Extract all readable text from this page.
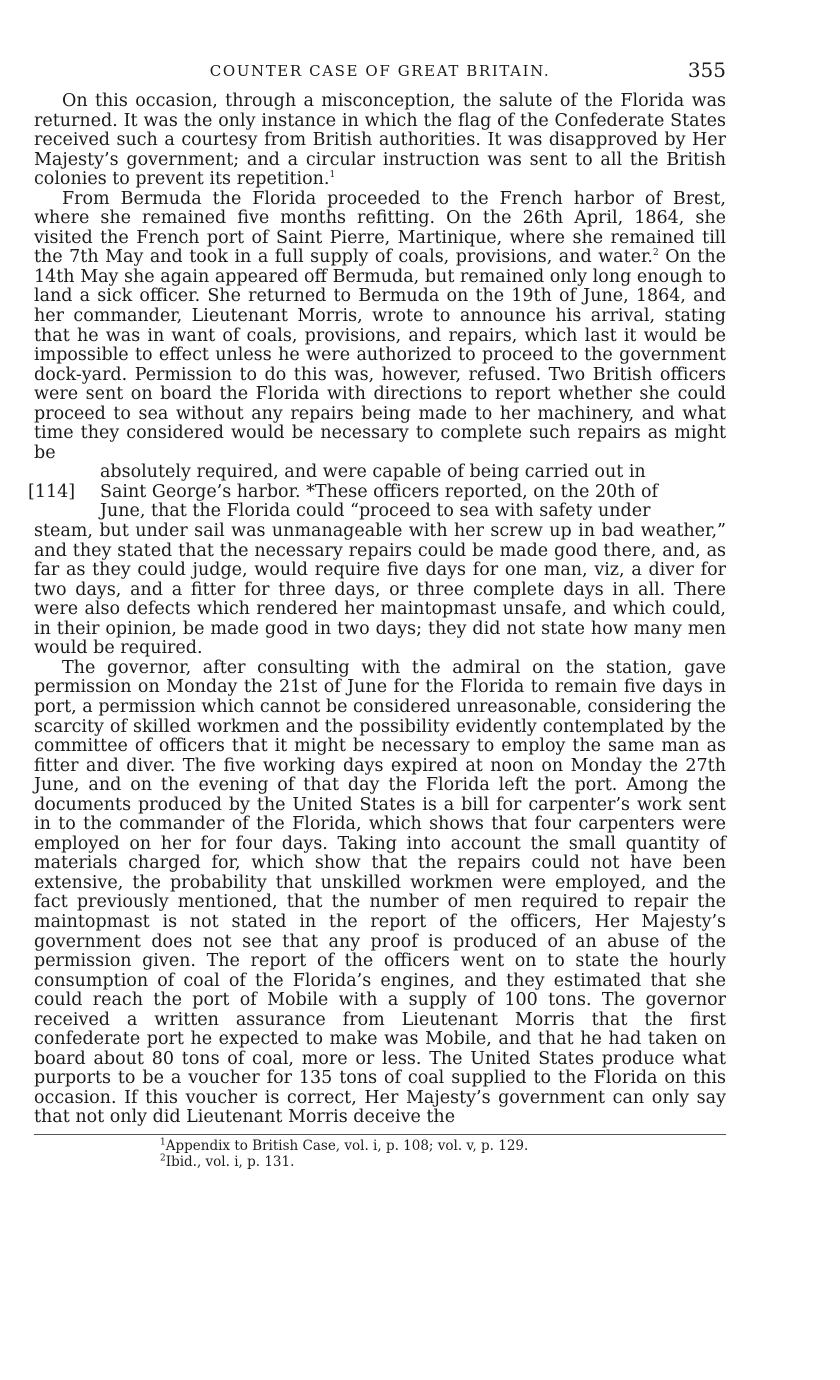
COUNTER CASE OF GREAT BRITAIN.	355

On this occasion, through a misconception, the salute of the Florida was returned. It was the only instance in which the flag of the Confederate States received such a courtesy from British authorities. It was disapproved by Her Majesty’s government; and a circular instruction was sent to all the British colonies to prevent its repetition.$^1$

From Bermuda the Florida proceeded to the French harbor of Brest, where she remained five months refitting. On the 26th April, 1864, she visited the French port of Saint Pierre, Martinique, where she remained till the 7th May and took in a full supply of coals, provisions, and water.$^2$ On the 14th May she again appeared off Bermuda, but remained only long enough to land a sick officer. She returned to Bermuda on the 19th of June, 1864, and her commander, Lieutenant Morris, wrote to announce his arrival, stating that he was in want of coals, provisions, and repairs, which last it would be impossible to effect unless he were authorized to proceed to the government dock-yard. Permission to do this was, however, refused. Two British officers were sent on board the Florida with directions to report whether she could proceed to sea without any repairs being made to her machinery, and what time they considered would be necessary to complete such repairs as might be

[114]

absolutely required, and were capable of being carried out in
Saint George’s harbor. *These officers reported, on the 20th of
June, that the Florida could “proceed to sea with safety under
steam, but under sail was unmanageable with her screw up in bad weather,” and they stated that the necessary repairs could be made good there, and, as far as they could judge, would require five days for one man, viz, a diver for two days, and a fitter for three days, or three complete days in all. There were also defects which rendered her maintopmast unsafe, and which could, in their opinion, be made good in two days; they did not state how many men would be required.

The governor, after consulting with the admiral on the station, gave permission on Monday the 21st of June for the Florida to remain five days in port, a permission which cannot be considered unreasonable, considering the scarcity of skilled workmen and the possibility evidently contemplated by the committee of officers that it might be necessary to employ the same man as fitter and diver. The five working days expired at noon on Monday the 27th June, and on the evening of that day the Florida left the port. Among the documents produced by the United States is a bill for carpenter’s work sent in to the commander of the Florida, which shows that four carpenters were employed on her for four days. Taking into account the small quantity of materials charged for, which show that the repairs could not have been extensive, the probability that unskilled workmen were employed, and the fact previously mentioned, that the number of men required to repair the maintopmast is not stated in the report of the officers, Her Majesty’s government does not see that any proof is produced of an abuse of the permission given. The report of the officers went on to state the hourly consumption of coal of the Florida’s engines, and they estimated that she could reach the port of Mobile with a supply of 100 tons. The governor received a written assurance from Lieutenant Morris that the first confederate port he expected to make was Mobile, and that he had taken on board about 80 tons of coal, more or less. The United States produce what purports to be a voucher for 135 tons of coal supplied to the Florida on this occasion. If this voucher is correct, Her Majesty’s government can only say that not only did Lieutenant Morris deceive the

$^1$Appendix to British Case, vol. i, p. 108; vol. v, p. 129.
$^2$Ibid., vol. i, p. 131.
